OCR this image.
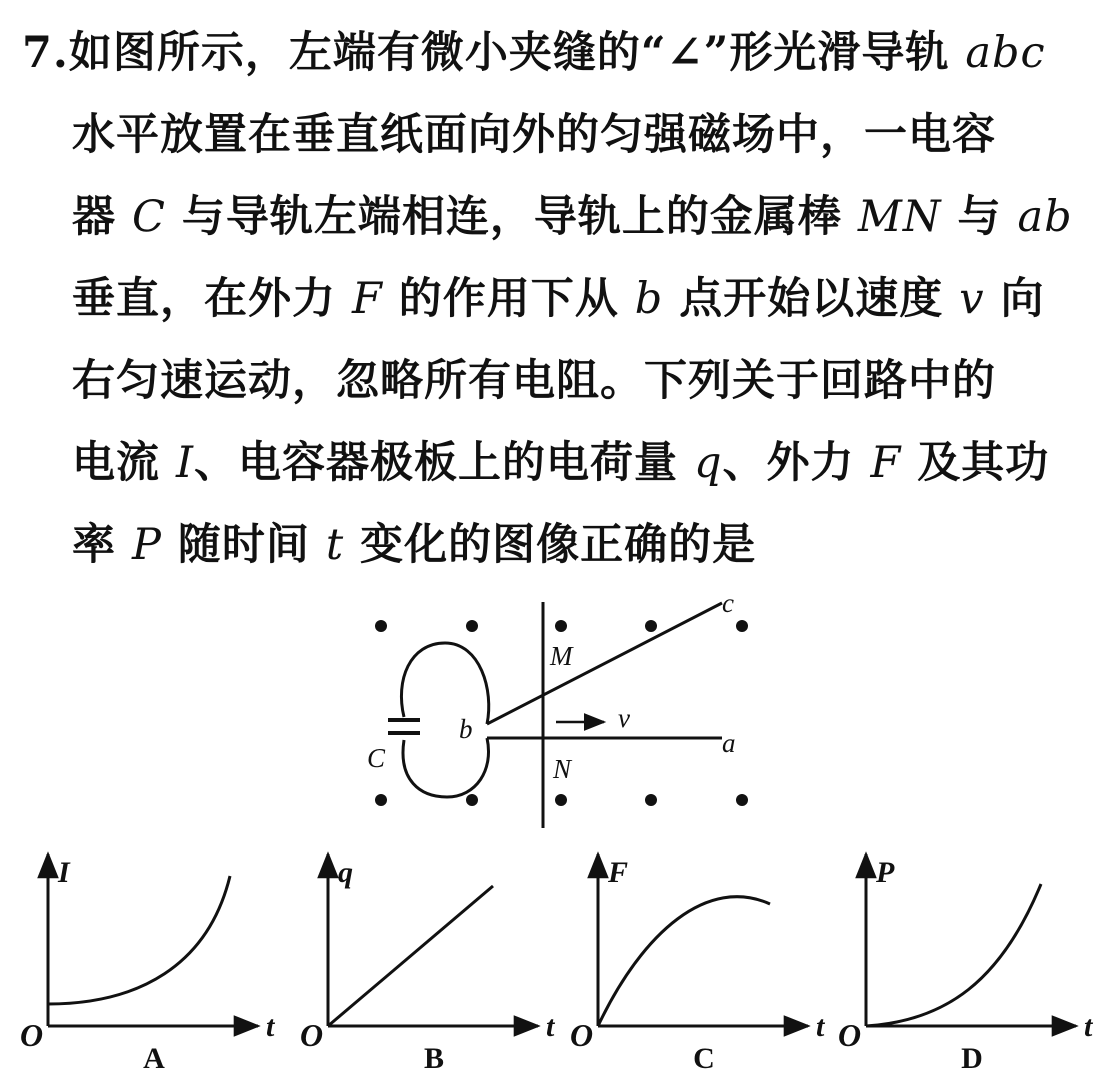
7.如图所示，左端有微小夹缝的“∠”形光滑导轨 abc
水平放置在垂直纸面向外的匀强磁场中，一电容
器 C 与导轨左端相连，导轨上的金属棒 MN 与 ab
垂直，在外力 F 的作用下从 b 点开始以速度 v 向
右匀速运动，忽略所有电阻。下列关于回路中的
电流 I、电容器极板上的电荷量 q、外力 F 及其功
率 P 随时间 t 变化的图像正确的是
c
M
b	v
a
C	N
I
t
O
A
q
t
O
B
F
t
O
C
P
t
O
D
